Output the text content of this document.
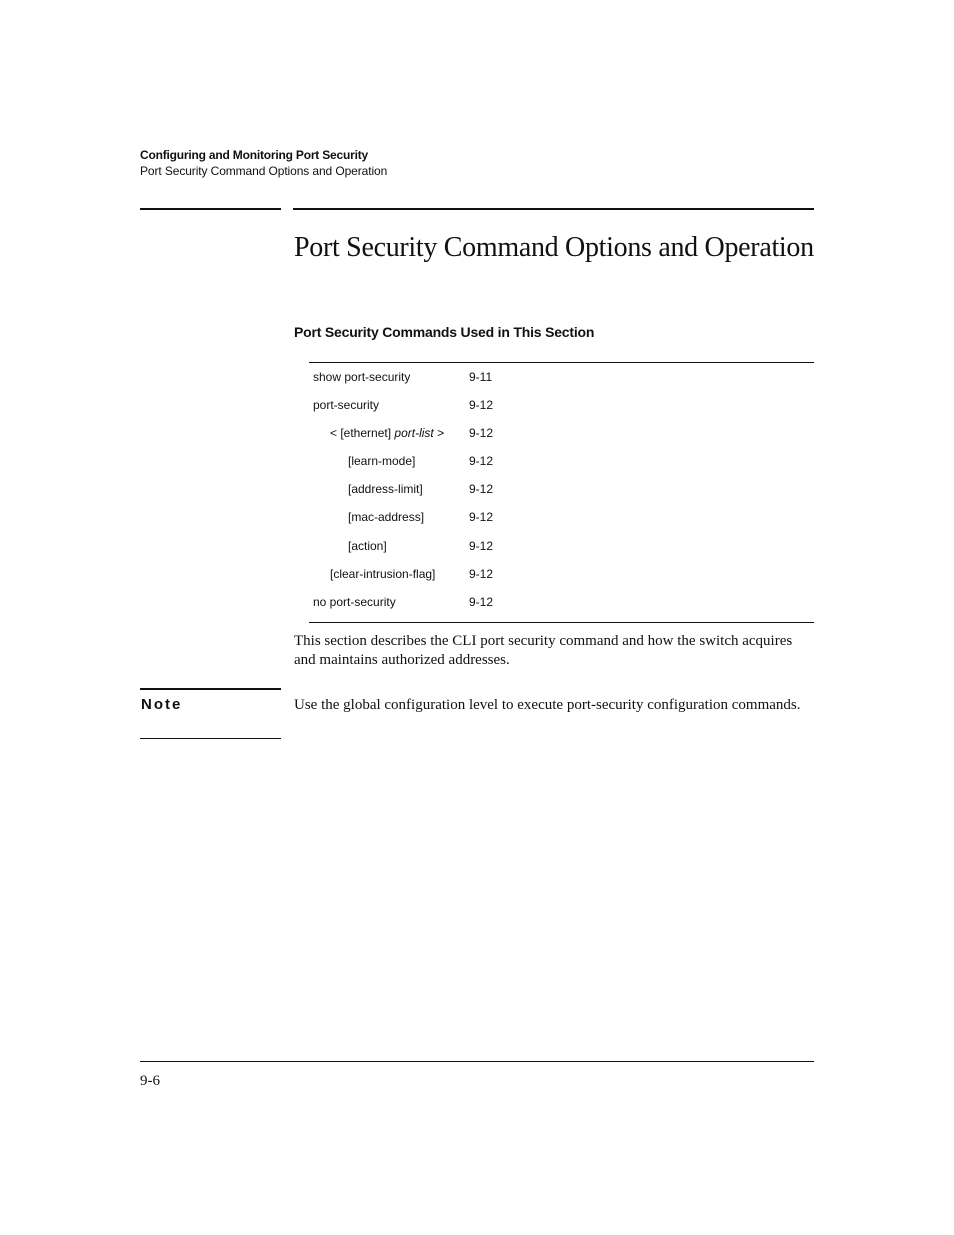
Configuring and Monitoring Port Security
Port Security Command Options and Operation
Port Security Command Options and Operation
Port Security Commands Used in This Section
show port-security	9-11
port-security	9-12
< [ethernet] port-list > 9-12
[learn-mode]	9-12
[address-limit]	9-12
[mac-address]	9-12
[action]	9-12
[clear-intrusion-flag]	9-12
no port-security	9-12
This section describes the CLI port security command and how the switch acquires and maintains authorized addresses.
Note	Use the global configuration level to execute port-security configuration commands.
9-6
